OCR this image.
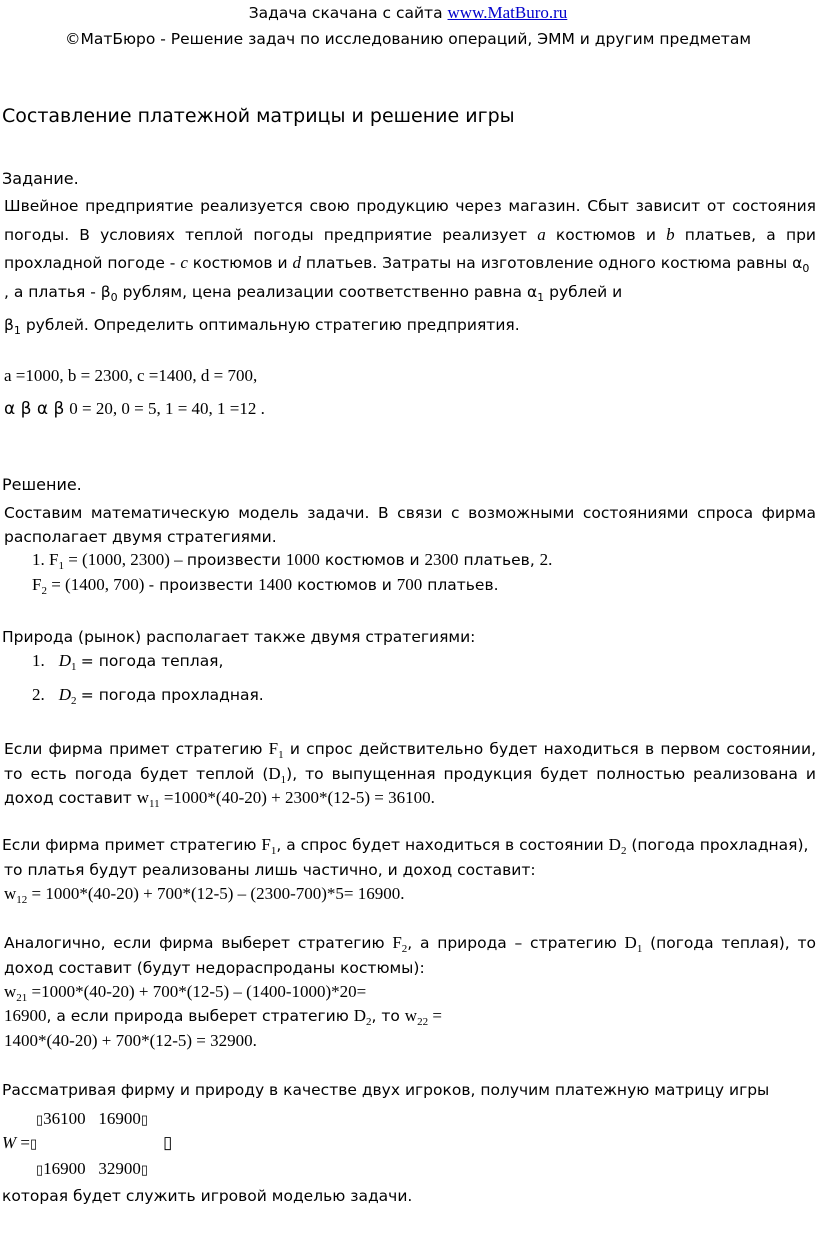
Задача скачана с сайта www.MatBuro.ru
©МатБюро - Решение задач по исследованию операций, ЭММ и другим предметам
Составление платежной матрицы и решение игры
Задание.
Швейное предприятие реализуется свою продукцию через магазин. Сбыт зависит от состояния
погоды. В условиях теплой погоды предприятие реализует a костюмов и b платьев, а при
прохладной погоде - c костюмов и d платьев. Затраты на изготовление одного костюма равны $\alpha_0$
, а платья - $\beta_0$ рублям, цена реализации соответственно равна $\alpha_1$ рублей и
$\beta_1$ рублей. Определить оптимальную стратегию предприятия.
a =1000, b = 2300, c =1400, d = 700,
α β α β 0 = 20, 0 = 5, 1 = 40, 1 =12 .
Решение.
Составим математическую модель задачи. В связи с возможными состояниями спроса фирма
располагает двумя стратегиями.
1. $F_1 = (1000$, 2300) – произвести 1000 костюмов и 2300 платьев, 2.
$F_2 = (1400$, 700) - произвести 1400 костюмов и 700 платьев.
Природа (рынок) располагает также двумя стратегиями:
1. $D_1$ = погода теплая,
2. $D_2$ = погода прохладная.
Если фирма примет стратегию $F_1$ и спрос действительно будет находиться в первом состоянии,
то есть погода будет теплой $(D_1)$, то выпущенная продукция будет полностью реализована и
доход составит $w_{11} =1000*(40-20) + 2300*(12-5) = 36100$.
Если фирма примет стратегию $F_1$, а спрос будет находиться в состоянии $D_2$ (погода прохладная),
то платья будут реализованы лишь частично, и доход составит:
$w_{12} = 1000*(40-20) + 700*(12-5) - (2300-700)*5= 16900$.
Аналогично, если фирма выберет стратегию $F_2$, а природа – стратегию $D_1$ (погода теплая), то
доход составит (будут недораспроданы костюмы):
$w_{21} =1000*(40-20) + 700*(12-5) - (1400-1000)*20=$
16900, а если природа выберет стратегию $D_2$, то $w_{22}$ =
1400*(40-20) + 700*(12-5) = 32900.
Рассматривая фирму и природу в качестве двух игроков, получим платежную матрицу игры
▯36100   16900▯
W =▯	▯
▯16900   32900▯
которая будет служить игровой моделью задачи.
